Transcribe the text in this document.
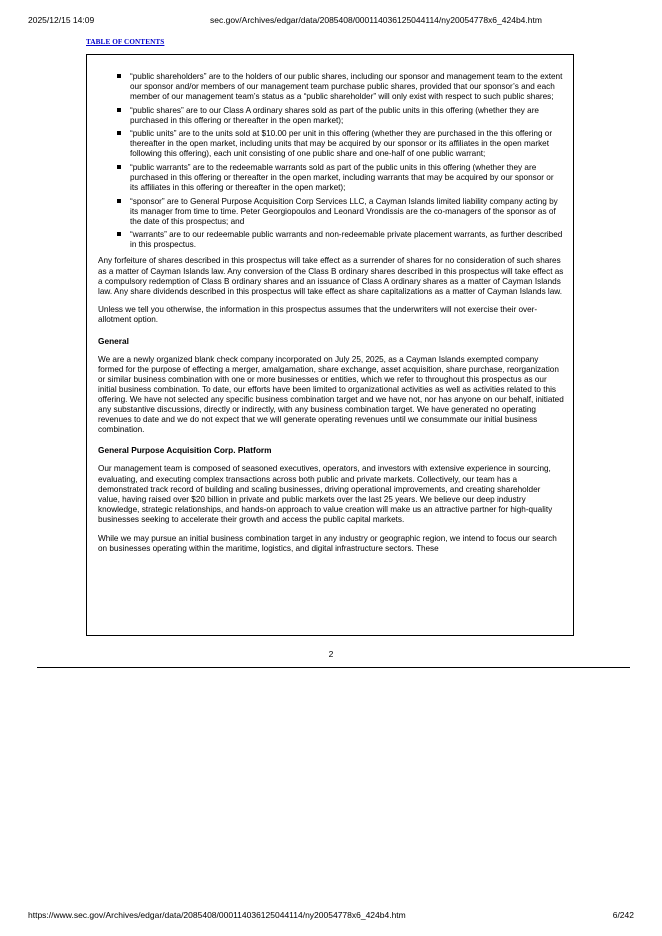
2025/12/15 14:09	sec.gov/Archives/edgar/data/2085408/000114036125044114/ny20054778x6_424b4.htm
TABLE OF CONTENTS
“public shareholders” are to the holders of our public shares, including our sponsor and management team to the extent our sponsor and/or members of our management team purchase public shares, provided that our sponsor’s and each member of our management team’s status as a “public shareholder” will only exist with respect to such public shares;
“public shares” are to our Class A ordinary shares sold as part of the public units in this offering (whether they are purchased in this offering or thereafter in the open market);
“public units” are to the units sold at $10.00 per unit in this offering (whether they are purchased in the this offering or thereafter in the open market, including units that may be acquired by our sponsor or its affiliates in the open market following this offering), each unit consisting of one public share and one-half of one public warrant;
“public warrants” are to the redeemable warrants sold as part of the public units in this offering (whether they are purchased in this offering or thereafter in the open market, including warrants that may be acquired by our sponsor or its affiliates in this offering or thereafter in the open market);
“sponsor” are to General Purpose Acquisition Corp Services LLC, a Cayman Islands limited liability company acting by its manager from time to time. Peter Georgiopoulos and Leonard Vrondissis are the co-managers of the sponsor as of the date of this prospectus; and
“warrants” are to our redeemable public warrants and non-redeemable private placement warrants, as further described in this prospectus.

Any forfeiture of shares described in this prospectus will take effect as a surrender of shares for no consideration of such shares as a matter of Cayman Islands law. Any conversion of the Class B ordinary shares described in this prospectus will take effect as a compulsory redemption of Class B ordinary shares and an issuance of Class A ordinary shares as a matter of Cayman Islands law. Any share dividends described in this prospectus will take effect as share capitalizations as a matter of Cayman Islands law.

Unless we tell you otherwise, the information in this prospectus assumes that the underwriters will not exercise their over-allotment option.

General

We are a newly organized blank check company incorporated on July 25, 2025, as a Cayman Islands exempted company formed for the purpose of effecting a merger, amalgamation, share exchange, asset acquisition, share purchase, reorganization or similar business combination with one or more businesses or entities, which we refer to throughout this prospectus as our initial business combination. To date, our efforts have been limited to organizational activities as well as activities related to this offering. We have not selected any specific business combination target and we have not, nor has anyone on our behalf, initiated any substantive discussions, directly or indirectly, with any business combination target. We have generated no operating revenues to date and we do not expect that we will generate operating revenues until we consummate our initial business combination.

General Purpose Acquisition Corp. Platform

Our management team is composed of seasoned executives, operators, and investors with extensive experience in sourcing, evaluating, and executing complex transactions across both public and private markets. Collectively, our team has a demonstrated track record of building and scaling businesses, driving operational improvements, and creating shareholder value, having raised over $20 billion in private and public markets over the last 25 years. We believe our deep industry knowledge, strategic relationships, and hands-on approach to value creation will make us an attractive partner for high-quality businesses seeking to accelerate their growth and access the public capital markets.

While we may pursue an initial business combination target in any industry or geographic region, we intend to focus our search on businesses operating within the maritime, logistics, and digital infrastructure sectors. These

2
https://www.sec.gov/Archives/edgar/data/2085408/000114036125044114/ny20054778x6_424b4.htm	6/242
